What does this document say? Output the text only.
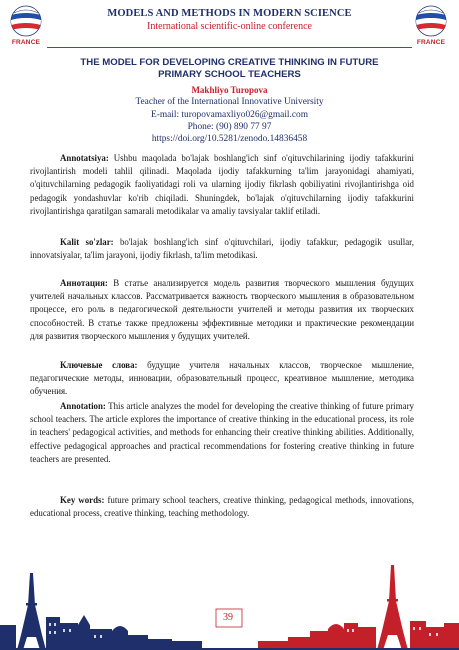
FRANCE	FRANCE
MODELS AND METHODS IN MODERN SCIENCE
International scientific-online conference
THE MODEL FOR DEVELOPING CREATIVE THINKING IN FUTURE
PRIMARY SCHOOL TEACHERS
Makhliyo Turopova
Teacher of the International Innovative University
E-mail: turopovamaxliyo026@gmail.com
Phone: (90) 890 77 97
https://doi.org/10.5281/zenodo.14836458

Annotatsiya: Ushbu maqolada bo'lajak boshlang'ich sinf o'qituvchilarining ijodiy tafakkurini rivojlantirish modeli tahlil qilinadi. Maqolada ijodiy tafakkurning ta'lim jarayonidagi ahamiyati, o'qituvchilarning pedagogik faoliyatidagi roli va ularning ijodiy fikrlash qobiliyatini rivojlantirishga oid pedagogik yondashuvlar ko'rib chiqiladi. Shuningdek, bo'lajak o'qituvchilarning ijodiy tafakkurini rivojlantirishga qaratilgan samarali metodikalar va amaliy tavsiyalar taklif etiladi.

Kalit so'zlar: bo'lajak boshlang'ich sinf o'qituvchilari, ijodiy tafakkur, pedagogik usullar, innovatsiyalar, ta'lim jarayoni, ijodiy fikrlash, ta'lim metodikasi.

Аннотация: В статье анализируется модель развития творческого мышления будущих учителей начальных классов. Рассматривается важность творческого мышления в образовательном процессе, его роль в педагогической деятельности учителей и методы развития их творческих способностей. В статье также предложены эффективные методики и практические рекомендации для развития творческого мышления у будущих учителей.

Ключевые слова: будущие учителя начальных классов, творческое мышление, педагогические методы, инновации, образовательный процесс, креативное мышление, методика обучения.

Annotation: This article analyzes the model for developing the creative thinking of future primary school teachers. The article explores the importance of creative thinking in the educational process, its role in teachers' pedagogical activities, and methods for enhancing their creative thinking abilities. Additionally, effective pedagogical approaches and practical recommendations for fostering creative thinking in future teachers are presented.

Key words: future primary school teachers, creative thinking, pedagogical methods, innovations, educational process, creative thinking, teaching methodology.

39
